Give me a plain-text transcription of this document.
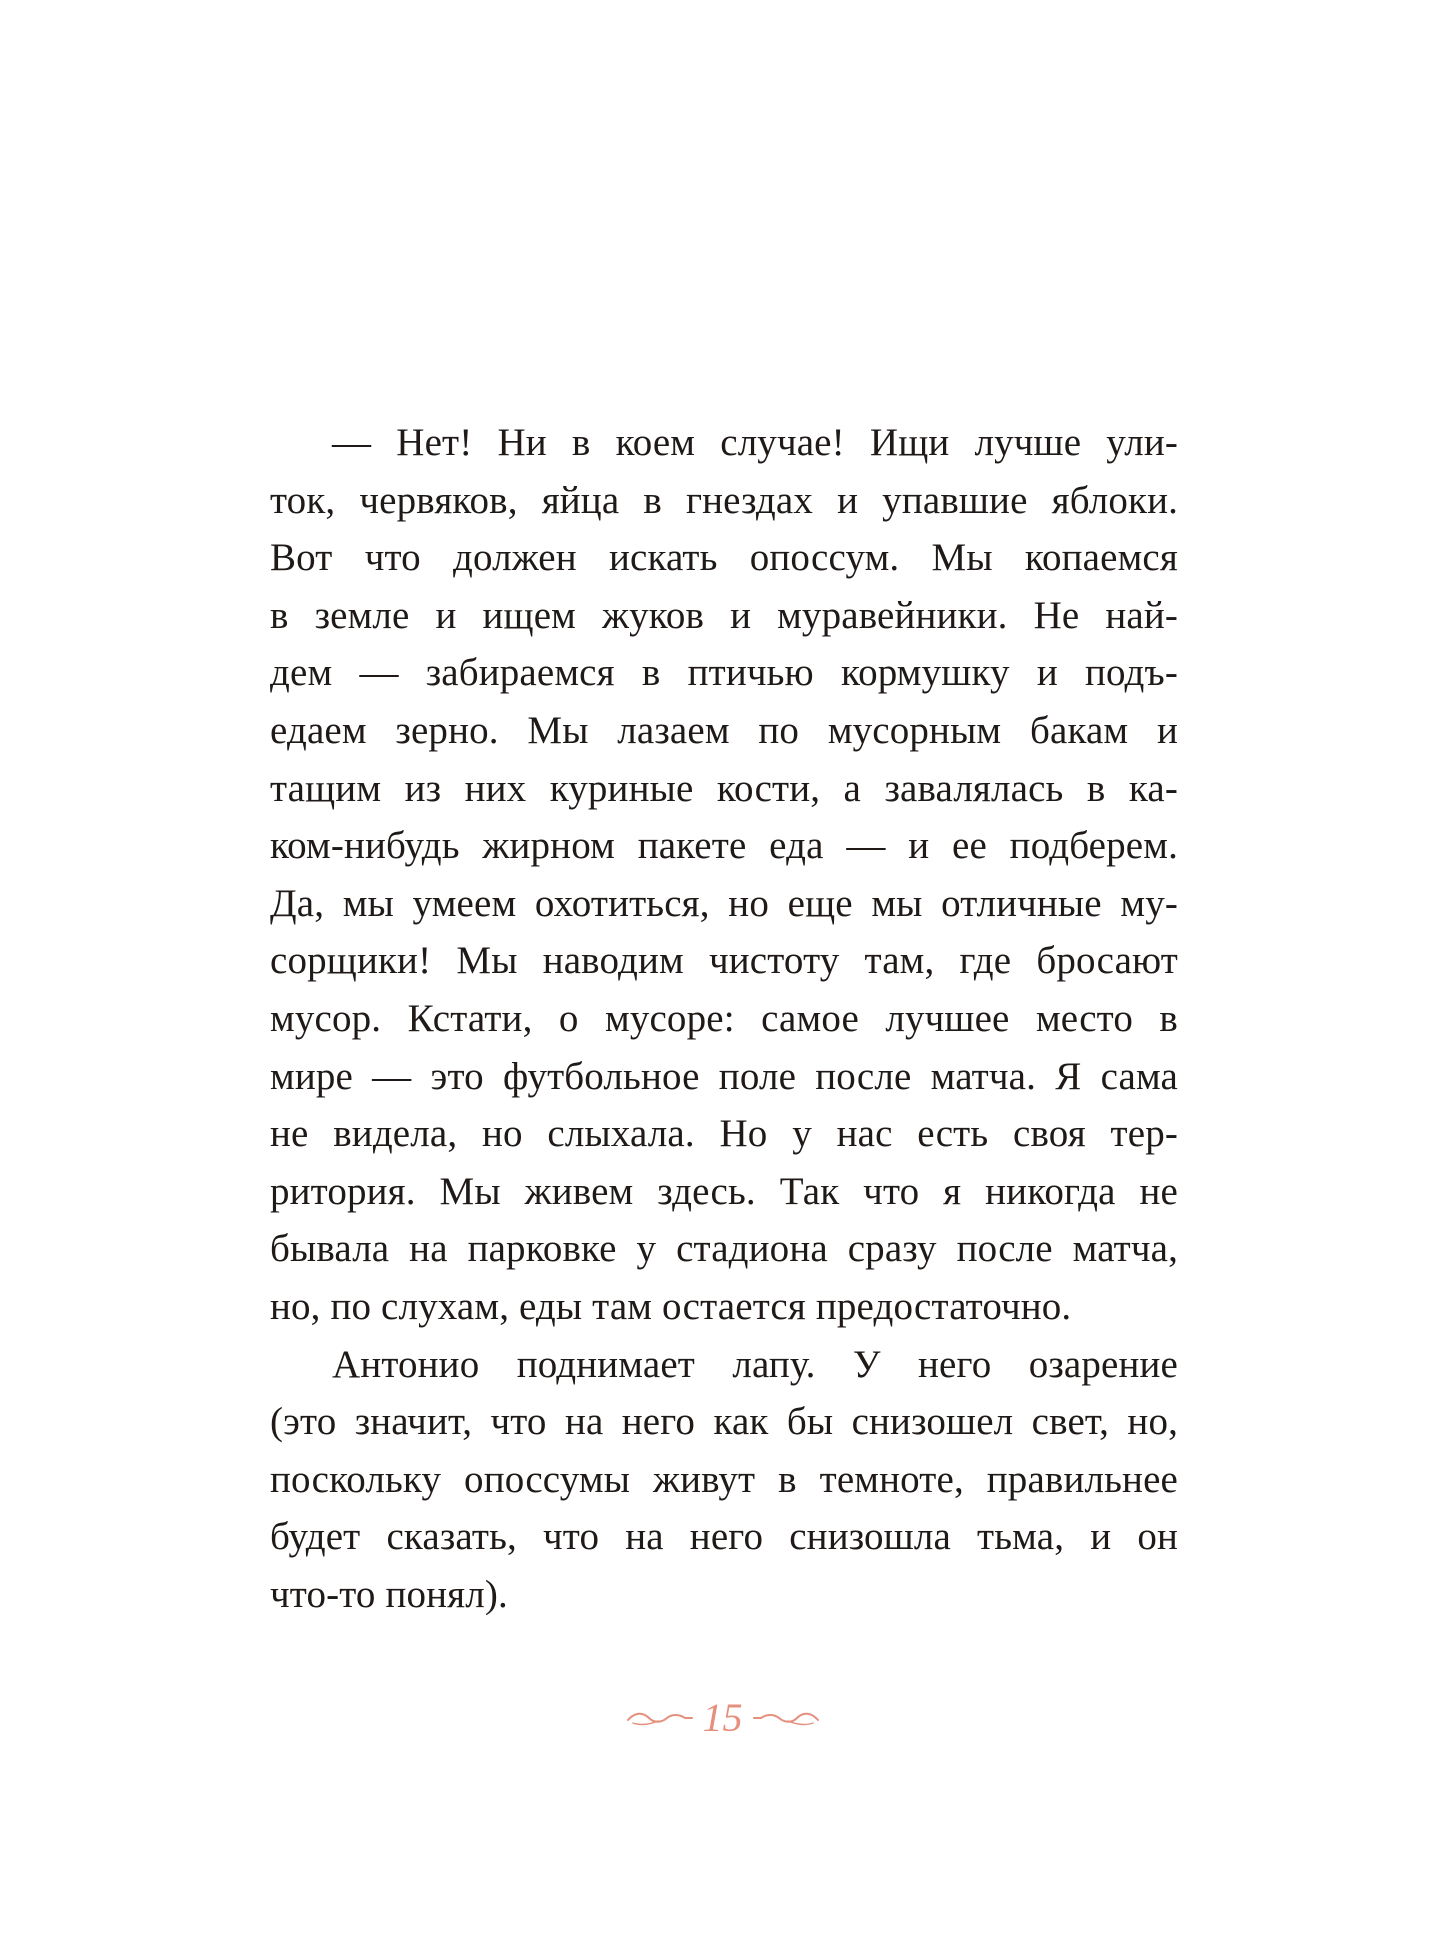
— Нет! Ни в коем случае! Ищи лучше ули-
ток, червяков, яйца в гнездах и упавшие яблоки.
Вот что должен искать опоссум. Мы копаемся
в земле и ищем жуков и муравейники. Не най-
дем — забираемся в птичью кормушку и подъ-
едаем зерно. Мы лазаем по мусорным бакам и
тащим из них куриные кости, а завалялась в ка-
ком-нибудь жирном пакете еда — и ее подберем.
Да, мы умеем охотиться, но еще мы отличные му-
сорщики! Мы наводим чистоту там, где бросают
мусор. Кстати, о мусоре: самое лучшее место в
мире — это футбольное поле после матча. Я сама
не видела, но слыхала. Но у нас есть своя тер-
ритория. Мы живем здесь. Так что я никогда не
бывала на парковке у стадиона сразу после матча,
но, по слухам, еды там остается предостаточно.
Антонио поднимает лапу. У него озарение
(это значит, что на него как бы снизошел свет, но,
поскольку опоссумы живут в темноте, правильнее
будет сказать, что на него снизошла тьма, и он
что-то понял).
15
